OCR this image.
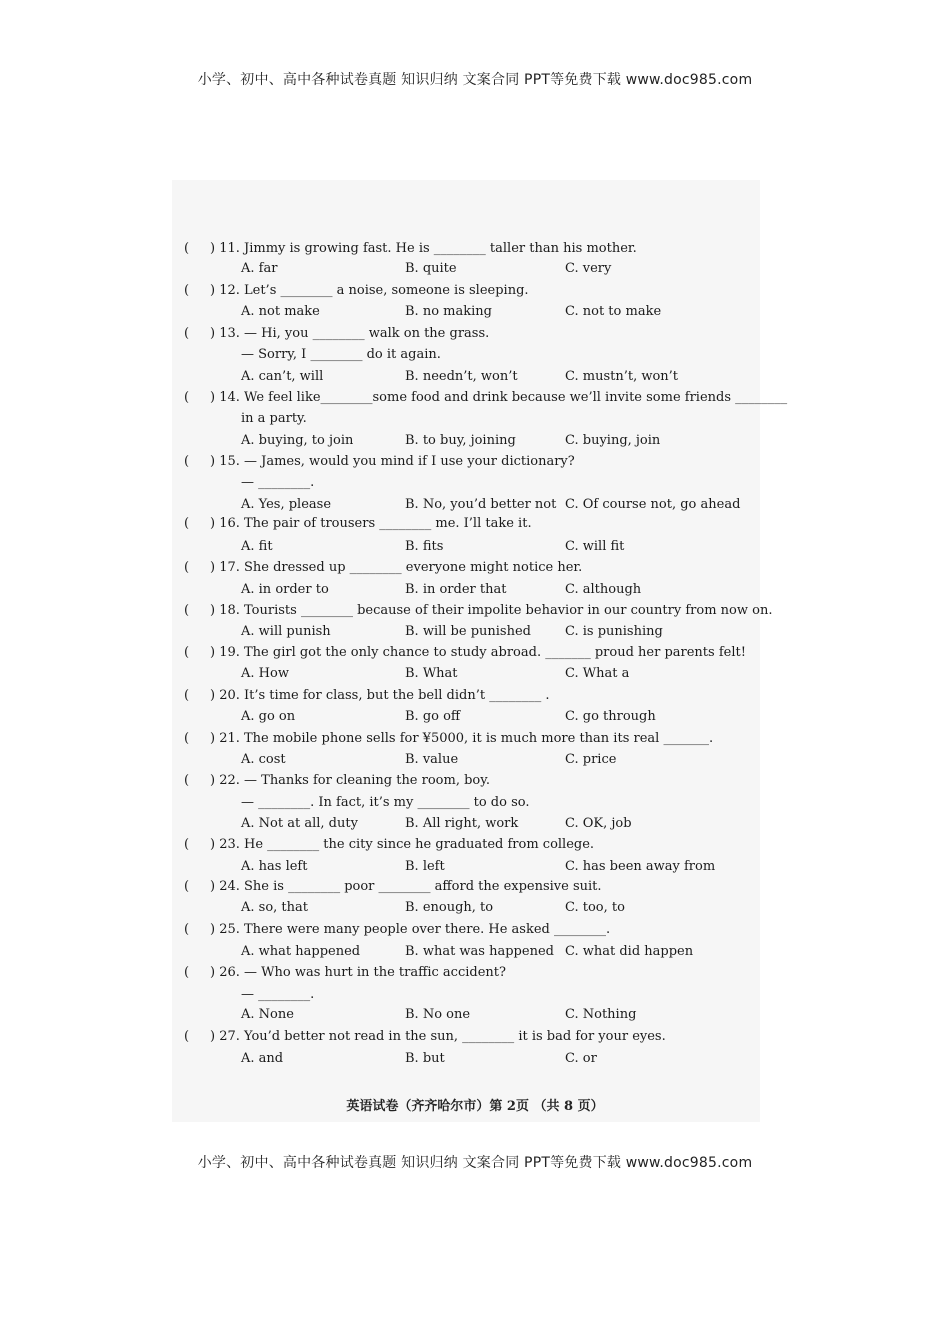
小学、初中、高中各种试卷真题 知识归纳 文案合同 PPT等免费下载 www.doc985.com
( ) 11. Jimmy is growing fast. He is ________ taller than his mother.
A. far	B. quite	C. very
( ) 12. Let’s ________ a noise, someone is sleeping.
A. not make	B. no making	C. not to make
( ) 13. — Hi, you ________ walk on the grass.
— Sorry, I ________ do it again.
A. can’t, will	B. needn’t, won’t	C. mustn’t, won’t
( ) 14. We feel like________some food and drink because we’ll invite some friends ________
in a party.
A. buying, to join	B. to buy, joining	C. buying, join
( ) 15. — James, would you mind if I use your dictionary?
— ________.
A. Yes, please	B. No, you’d better not C. Of course not, go ahead
( ) 16. The pair of trousers ________ me. I’ll take it.
A. fit	B. fits	C. will fit
( ) 17. She dressed up ________ everyone might notice her.
A. in order to	B. in order that	C. although
( ) 18. Tourists ________ because of their impolite behavior in our country from now on.
A. will punish	B. will be punished	C. is punishing
( ) 19. The girl got the only chance to study abroad. _______ proud her parents felt!
A. How	B. What	C. What a
( ) 20. It’s time for class, but the bell didn’t ________ .
A. go on	B. go off	C. go through
( ) 21. The mobile phone sells for ¥5000, it is much more than its real _______.
A. cost	B. value	C. price
( ) 22. — Thanks for cleaning the room, boy.
— ________. In fact, it’s my ________ to do so.
A. Not at all, duty	B. All right, work	C. OK, job
( ) 23. He ________ the city since he graduated from college.
A. has left	B. left	C. has been away from
( ) 24. She is ________ poor ________ afford the expensive suit.
A. so, that	B. enough, to	C. too, to
( ) 25. There were many people over there. He asked ________.
A. what happened	B. what was happened C. what did happen
( ) 26. — Who was hurt in the traffic accident?
— ________.
A. None	B. No one	C. Nothing
( ) 27. You’d better not read in the sun, ________ it is bad for your eyes.
A. and	B. but	C. or
英语试卷（齐齐哈尔市）第 2页 （共 8 页）
小学、初中、高中各种试卷真题 知识归纳 文案合同 PPT等免费下载 www.doc985.com
